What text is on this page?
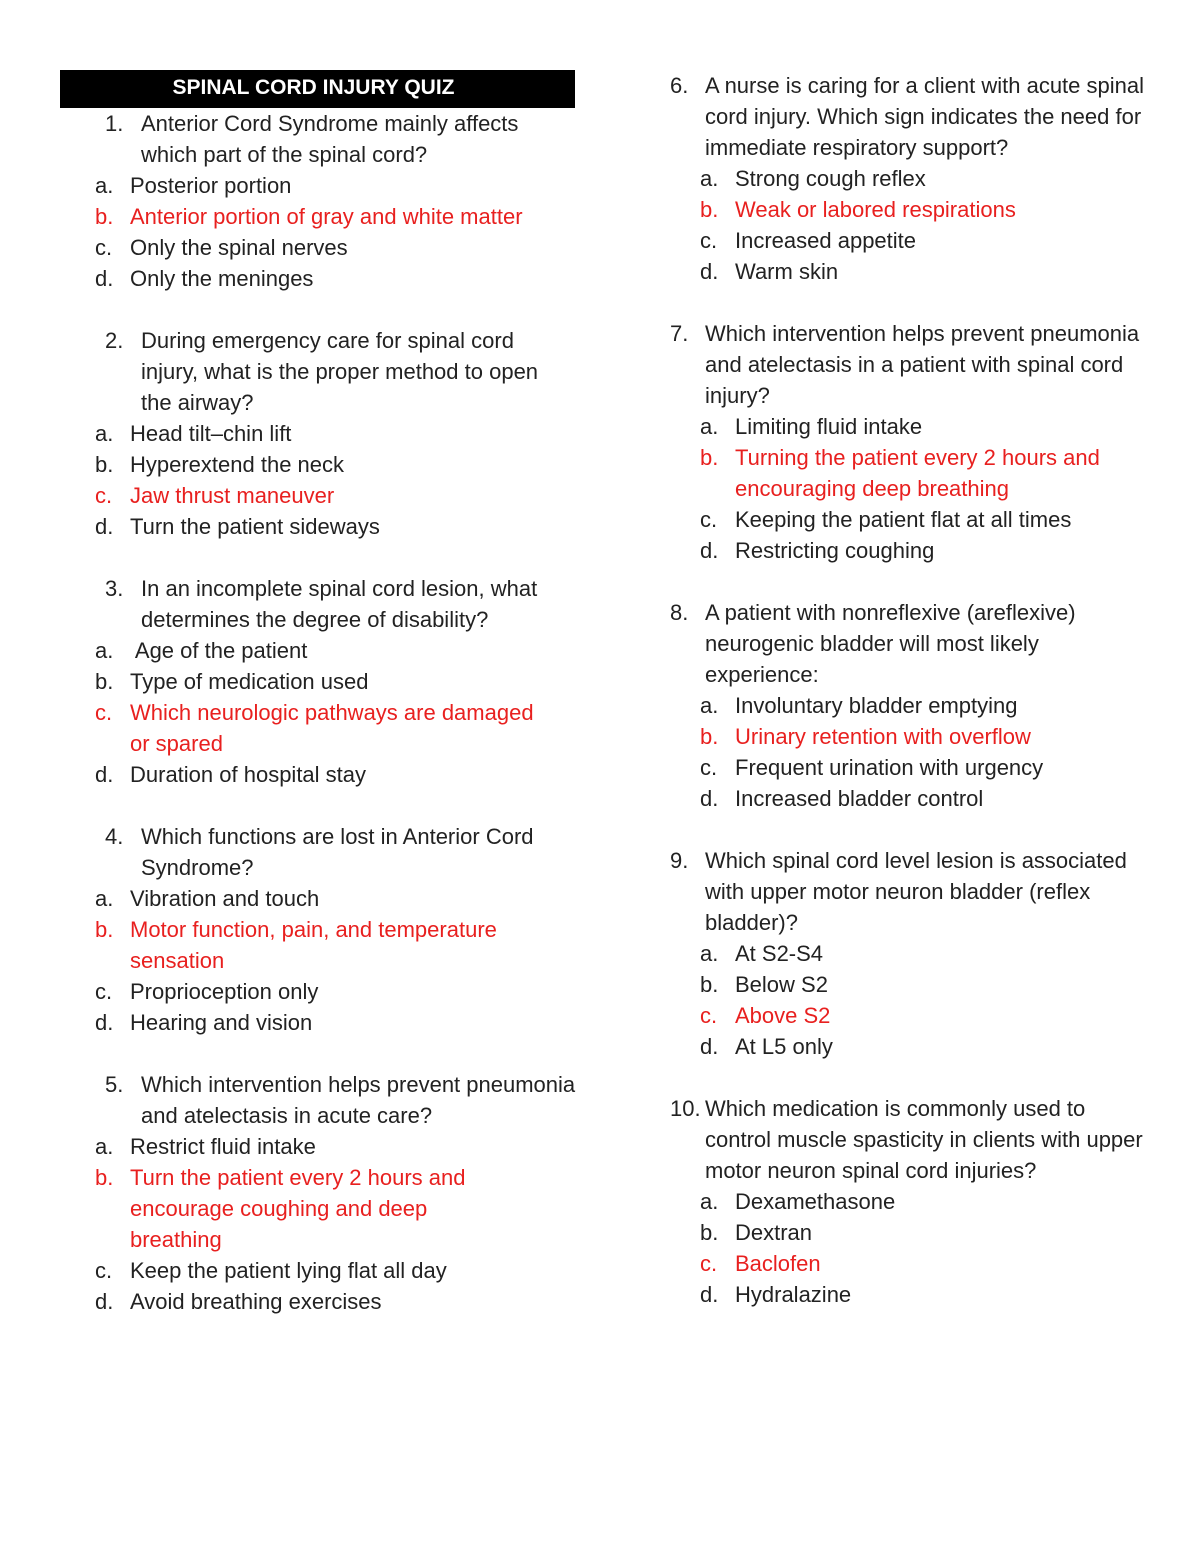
SPINAL CORD INJURY QUIZ
1. Anterior Cord Syndrome mainly affects which part of the spinal cord?
a. Posterior portion
b. Anterior portion of gray and white matter
c. Only the spinal nerves
d. Only the meninges
2. During emergency care for spinal cord injury, what is the proper method to open the airway?
a. Head tilt–chin lift
b. Hyperextend the neck
c. Jaw thrust maneuver
d. Turn the patient sideways
3. In an incomplete spinal cord lesion, what determines the degree of disability?
a. Age of the patient
b. Type of medication used
c. Which neurologic pathways are damaged or spared
d. Duration of hospital stay
4. Which functions are lost in Anterior Cord Syndrome?
a. Vibration and touch
b. Motor function, pain, and temperature sensation
c. Proprioception only
d. Hearing and vision
5. Which intervention helps prevent pneumonia and atelectasis in acute care?
a. Restrict fluid intake
b. Turn the patient every 2 hours and encourage coughing and deep breathing
c. Keep the patient lying flat all day
d. Avoid breathing exercises
6. A nurse is caring for a client with acute spinal cord injury. Which sign indicates the need for immediate respiratory support?
a. Strong cough reflex
b. Weak or labored respirations
c. Increased appetite
d. Warm skin
7. Which intervention helps prevent pneumonia and atelectasis in a patient with spinal cord injury?
a. Limiting fluid intake
b. Turning the patient every 2 hours and encouraging deep breathing
c. Keeping the patient flat at all times
d. Restricting coughing
8. A patient with nonreflexive (areflexive) neurogenic bladder will most likely experience:
a. Involuntary bladder emptying
b. Urinary retention with overflow
c. Frequent urination with urgency
d. Increased bladder control
9. Which spinal cord level lesion is associated with upper motor neuron bladder (reflex bladder)?
a. At S2-S4
b. Below S2
c. Above S2
d. At L5 only
10. Which medication is commonly used to control muscle spasticity in clients with upper motor neuron spinal cord injuries?
a. Dexamethasone
b. Dextran
c. Baclofen
d. Hydralazine
